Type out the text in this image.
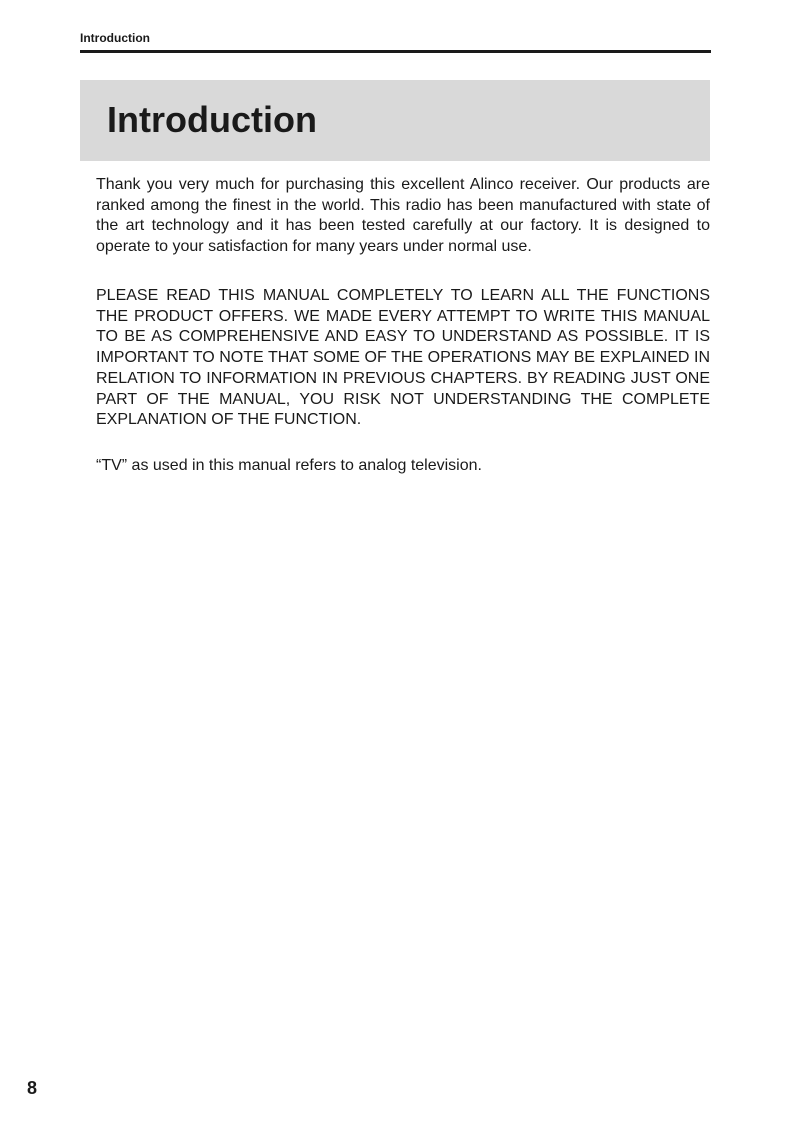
Introduction
Introduction

Thank you very much for purchasing this excellent Alinco receiver. Our products are ranked among the finest in the world. This radio has been manufactured with state of the art technology and it has been tested carefully at our factory. It is designed to operate to your satisfaction for many years under normal use.

PLEASE READ THIS MANUAL COMPLETELY TO LEARN ALL THE FUNCTIONS THE PRODUCT OFFERS. WE MADE EVERY ATTEMPT TO WRITE THIS MANUAL TO BE AS COMPREHENSIVE AND EASY TO UNDERSTAND AS POSSIBLE. IT IS IMPORTANT TO NOTE THAT SOME OF THE OPERATIONS MAY BE EXPLAINED IN RELATION TO INFORMATION IN PREVIOUS CHAPTERS. BY READING JUST ONE PART OF THE MANUAL, YOU RISK NOT UNDERSTANDING THE COMPLETE EXPLANATION OF THE FUNCTION.

“TV” as used in this manual refers to analog television.

8
